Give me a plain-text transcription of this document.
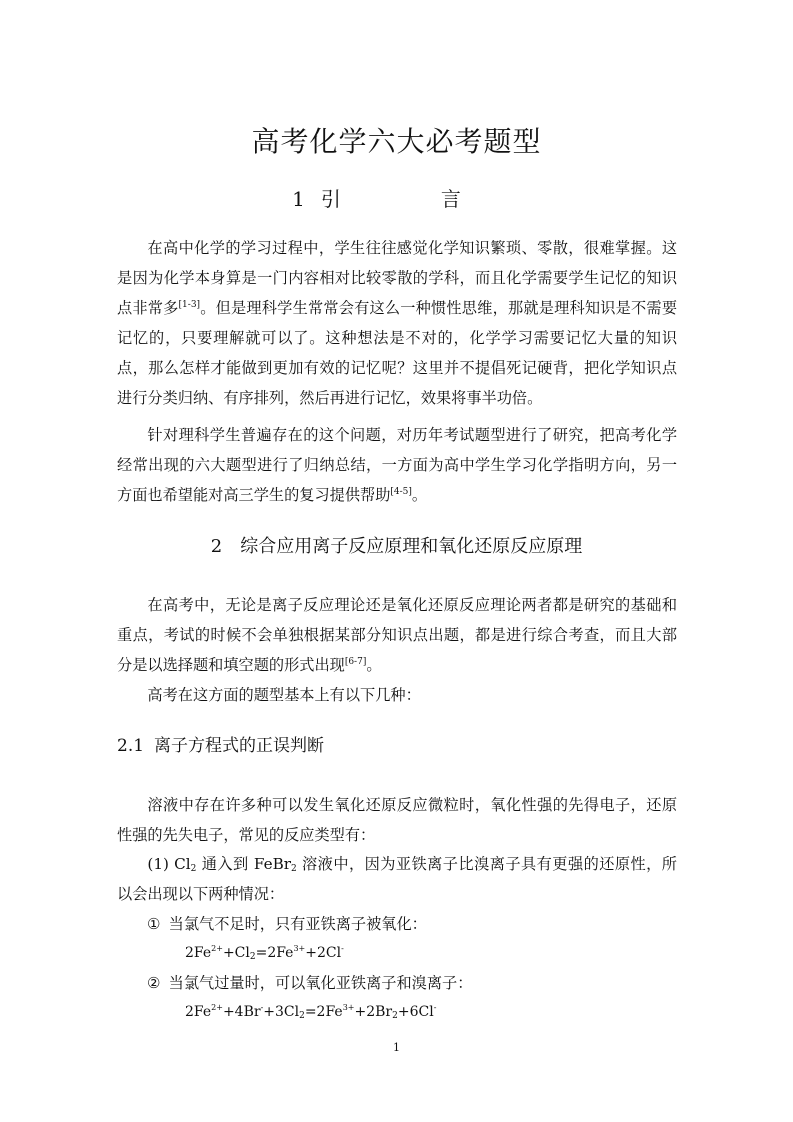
高考化学六大必考题型
1 引　言

在高中化学的学习过程中，学生往往感觉化学知识繁琐、零散，很难掌握。这是因为化学本身算是一门内容相对比较零散的学科，而且化学需要学生记忆的知识点非常多[1-3]。但是理科学生常常会有这么一种惯性思维，那就是理科知识是不需要记忆的，只要理解就可以了。这种想法是不对的，化学学习需要记忆大量的知识点，那么怎样才能做到更加有效的记忆呢？这里并不提倡死记硬背，把化学知识点进行分类归纳、有序排列，然后再进行记忆，效果将事半功倍。

针对理科学生普遍存在的这个问题，对历年考试题型进行了研究，把高考化学经常出现的六大题型进行了归纳总结，一方面为高中学生学习化学指明方向，另一方面也希望能对高三学生的复习提供帮助[4-5]。

2 综合应用离子反应原理和氧化还原反应原理

在高考中，无论是离子反应理论还是氧化还原反应理论两者都是研究的基础和重点，考试的时候不会单独根据某部分知识点出题，都是进行综合考查，而且大部分是以选择题和填空题的形式出现[6-7]。

高考在这方面的题型基本上有以下几种：

2.1 离子方程式的正误判断

溶液中存在许多种可以发生氧化还原反应微粒时，氧化性强的先得电子，还原性强的先失电子，常见的反应类型有：

(1) $Cl_2$ 通入到 FeBr$_2$ 溶液中，因为亚铁离子比溴离子具有更强的还原性，所以会出现以下两种情况：

① 当氯气不足时，只有亚铁离子被氧化：
$2Fe^{2+}+Cl_2=2Fe^{3+}+2Cl^-$
② 当氯气过量时，可以氧化亚铁离子和溴离子：
$2Fe^{2+}+4Br^-+3Cl_2=2Fe^{3+}+2Br_2+6Cl^-$
1
